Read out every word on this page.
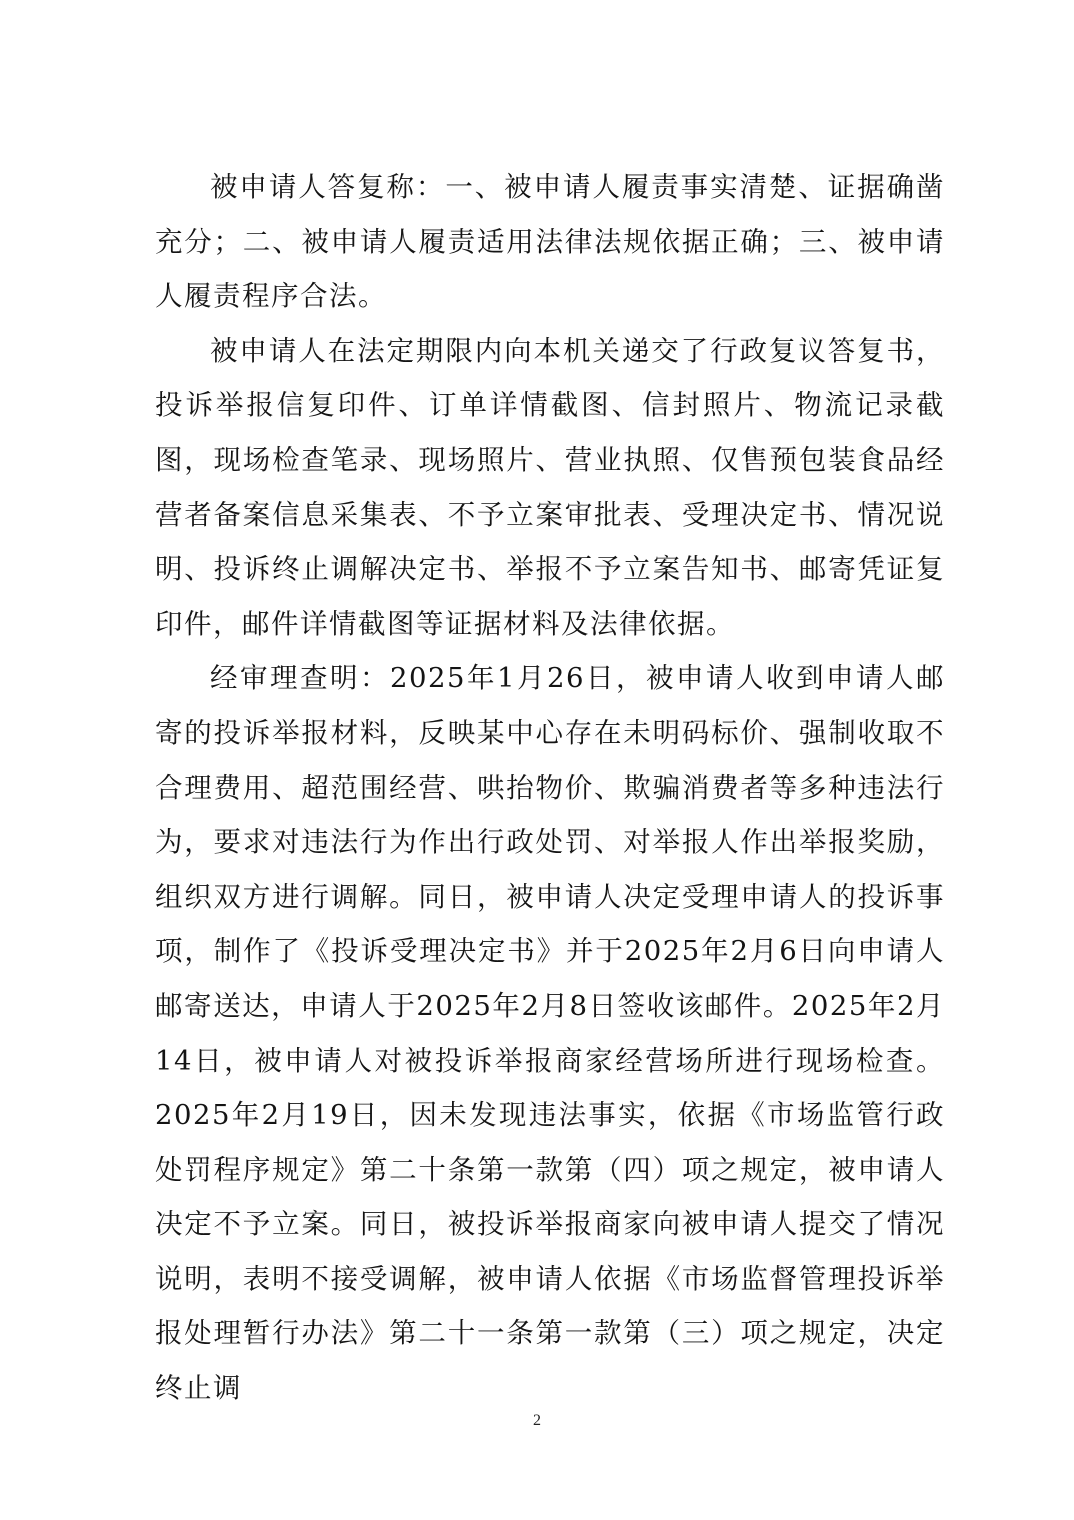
被申请人答复称：一、被申请人履责事实清楚、证据确凿充分；二、被申请人履责适用法律法规依据正确；三、被申请人履责程序合法。

被申请人在法定期限内向本机关递交了行政复议答复书，投诉举报信复印件、订单详情截图、信封照片、物流记录截图，现场检查笔录、现场照片、营业执照、仅售预包装食品经营者备案信息采集表、不予立案审批表、受理决定书、情况说明、投诉终止调解决定书、举报不予立案告知书、邮寄凭证复印件，邮件详情截图等证据材料及法律依据。

经审理查明：2025年1月26日，被申请人收到申请人邮寄的投诉举报材料，反映某中心存在未明码标价、强制收取不合理费用、超范围经营、哄抬物价、欺骗消费者等多种违法行为，要求对违法行为作出行政处罚、对举报人作出举报奖励，组织双方进行调解。同日，被申请人决定受理申请人的投诉事项，制作了《投诉受理决定书》并于2025年2月6日向申请人邮寄送达，申请人于2025年2月8日签收该邮件。2025年2月14日，被申请人对被投诉举报商家经营场所进行现场检查。2025年2月19日，因未发现违法事实，依据《市场监管行政处罚程序规定》第二十条第一款第（四）项之规定，被申请人决定不予立案。同日，被投诉举报商家向被申请人提交了情况说明，表明不接受调解，被申请人依据《市场监督管理投诉举报处理暂行办法》第二十一条第一款第（三）项之规定，决定终止调

2
